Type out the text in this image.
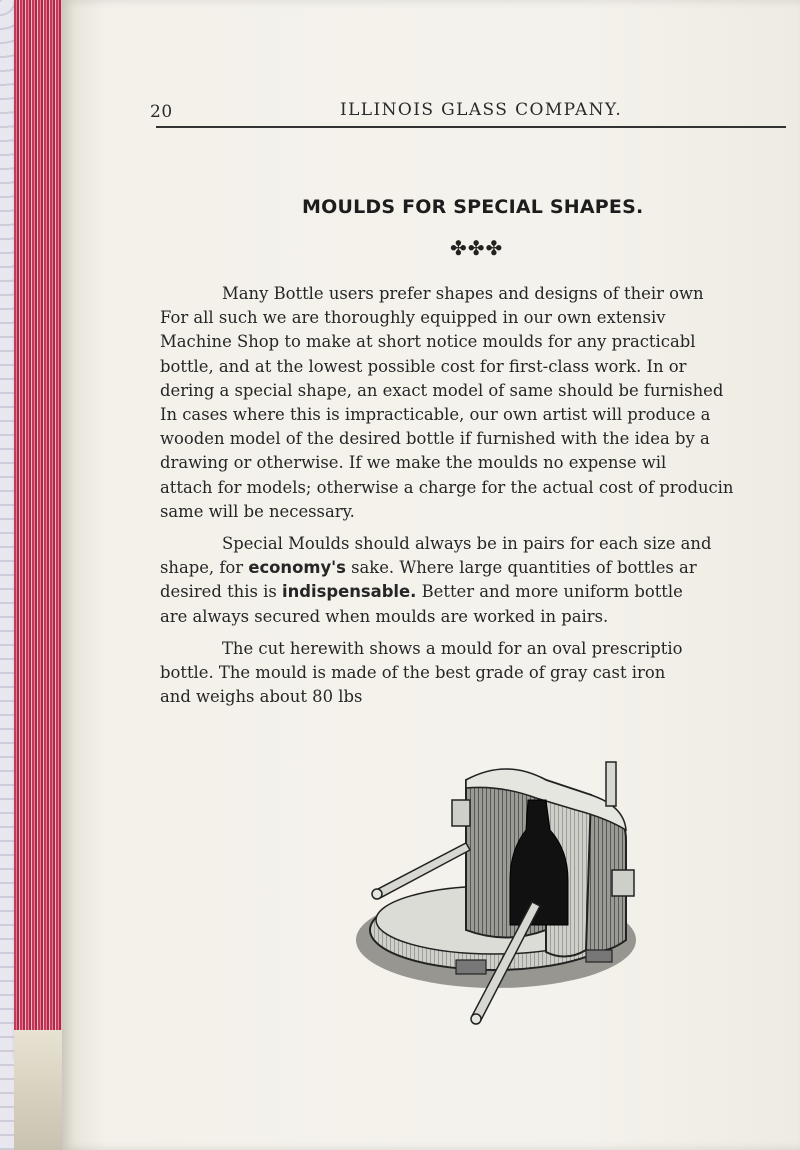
20	ILLINOIS GLASS COMPANY.
MOULDS FOR SPECIAL SHAPES.
✤✤✤
Many Bottle users prefer shapes and designs of their own
For all such we are thoroughly equipped in our own extensiv
Machine Shop to make at short notice moulds for any practicabl
bottle, and at the lowest possible cost for first-class work. In or
dering a special shape, an exact model of same should be furnished
In cases where this is impracticable, our own artist will produce a
wooden model of the desired bottle if furnished with the idea by a
drawing or otherwise. If we make the moulds no expense wil
attach for models; otherwise a charge for the actual cost of producin
same will be necessary.
Special Moulds should always be in pairs for each size and
shape, for economy's sake. Where large quantities of bottles ar
desired this is indispensable. Better and more uniform bottle
are always secured when moulds are worked in pairs.
The cut herewith shows a mould for an oval prescriptio
bottle. The mould is made of the best grade of gray cast iron
and weighs about 80 lbs
